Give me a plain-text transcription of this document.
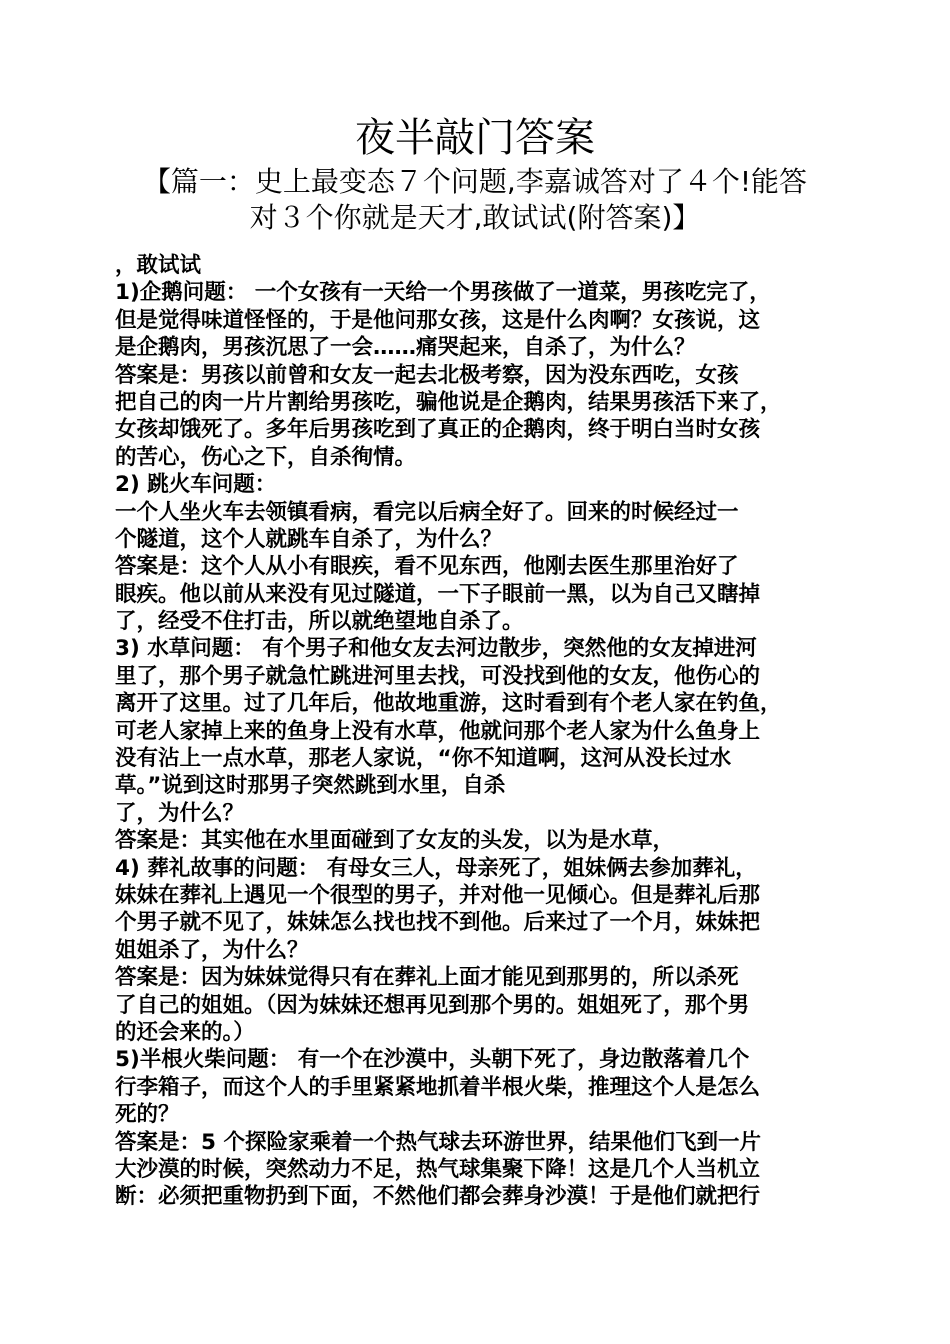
夜半敲门答案
【篇一：史上最变态７个问题,李嘉诚答对了４个!能答
对３个你就是天才,敢试试(附答案)】
，敢试试
1)企鹅问题： 一个女孩有一天给一个男孩做了一道菜，男孩吃完了，
但是觉得味道怪怪的，于是他问那女孩，这是什么肉啊？女孩说，这
是企鹅肉，男孩沉思了一会……痛哭起来，自杀了，为什么？
答案是：男孩以前曾和女友一起去北极考察，因为没东西吃，女孩
把自己的肉一片片割给男孩吃，骗他说是企鹅肉，结果男孩活下来了，
女孩却饿死了。多年后男孩吃到了真正的企鹅肉，终于明白当时女孩
的苦心，伤心之下，自杀徇情。
2) 跳火车问题：
一个人坐火车去领镇看病，看完以后病全好了。回来的时候经过一
个隧道，这个人就跳车自杀了，为什么？
答案是：这个人从小有眼疾，看不见东西，他刚去医生那里治好了
眼疾。他以前从来没有见过隧道，一下子眼前一黑，以为自己又瞎掉
了，经受不住打击，所以就绝望地自杀了。
3) 水草问题： 有个男子和他女友去河边散步，突然他的女友掉进河
里了，那个男子就急忙跳进河里去找，可没找到他的女友，他伤心的
离开了这里。过了几年后，他故地重游，这时看到有个老人家在钓鱼，
可老人家掉上来的鱼身上没有水草，他就问那个老人家为什么鱼身上
没有沾上一点水草，那老人家说，“你不知道啊，这河从没长过水
草。”说到这时那男子突然跳到水里，自杀
了，为什么？
答案是：其实他在水里面碰到了女友的头发，以为是水草，
4) 葬礼故事的问题： 有母女三人，母亲死了，姐妹俩去参加葬礼，
妹妹在葬礼上遇见一个很型的男子，并对他一见倾心。但是葬礼后那
个男子就不见了，妹妹怎么找也找不到他。后来过了一个月，妹妹把
姐姐杀了，为什么？
答案是：因为妹妹觉得只有在葬礼上面才能见到那男的，所以杀死
了自己的姐姐。（因为妹妹还想再见到那个男的。姐姐死了，那个男
的还会来的。）
5)半根火柴问题： 有一个在沙漠中，头朝下死了，身边散落着几个
行李箱子，而这个人的手里紧紧地抓着半根火柴，推理这个人是怎么
死的？
答案是：5 个探险家乘着一个热气球去环游世界，结果他们飞到一片
大沙漠的时候，突然动力不足，热气球集聚下降！这是几个人当机立
断：必须把重物扔到下面，不然他们都会葬身沙漠！于是他们就把行
